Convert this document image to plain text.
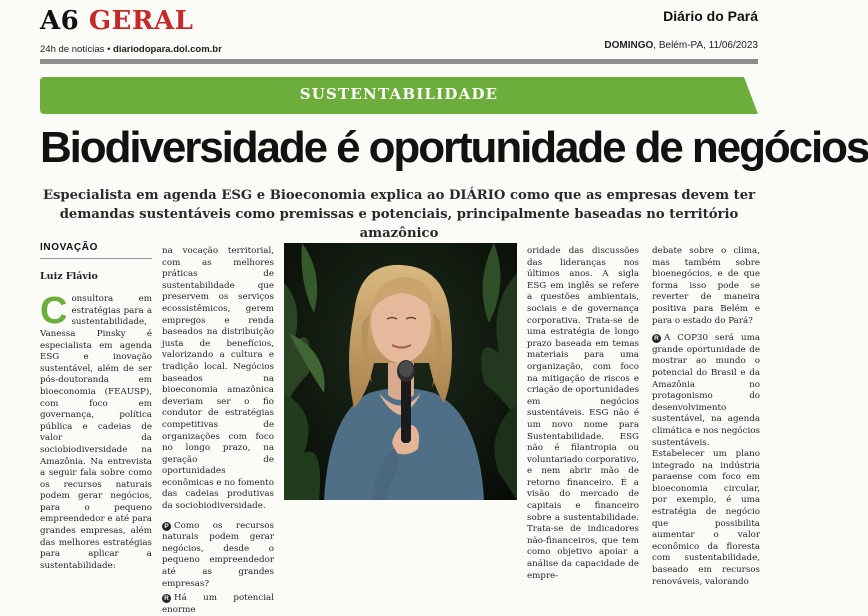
A6 GERAL
24h de notícias • diariodopara.dol.com.br
Diário do Pará
DOMINGO, Belém-PA, 11/06/2023
SUSTENTABILIDADE
Biodiversidade é oportunidade de negócios
Especialista em agenda ESG e Bioeconomia explica ao DIÁRIO como que as empresas devem ter
demandas sustentáveis como premissas e potenciais, principalmente baseadas no território amazônico
INOVAÇÃO
Luiz Flávio

Consultora em estratégias para a sustentabilidade, Vanessa Pinsky é especialista em agenda ESG e inovação sustentável, além de ser pós-doutoranda em bioeconomia (FEAUSP), com foco em governança, política pública e cadeias de valor da sociobiodiversidade na Amazônia. Na entrevista a seguir fala sobre como os recursos naturais podem gerar negócios, para o pequeno empreendedor e até para grandes empresas, além das melhores estratégias para aplicar a sustentabilidade:

na vocação territorial, com as melhores práticas de sustentabilidade que preservem os serviços ecossistêmicos, gerem empregos e renda baseados na distribuição justa de benefícios, valorizando a cultura e tradição local. Negócios baseados na bioeconomia amazônica deveriam ser o fio condutor de estratégias competitivas de organizações com foco no longo prazo, na geração de oportunidades econômicas e no fomento das cadeias produtivas da sociobiodiversidade.

P Como os recursos naturais podem gerar negócios, desde o pequeno empreendedor até as grandes empresas?

R Há um potencial enorme

oridade das discussões das lideranças nos últimos anos. A sigla ESG em inglês se refere a questões ambientais, sociais e de governança corporativa. Trata-se de uma estratégia de longo prazo baseada em temas materiais para uma organização, com foco na mitigação de riscos e criação de oportunidades em negócios sustentáveis. ESG não é um novo nome para Sustentabilidade. ESG não é filantropia ou voluntariado corporativo, e nem abrir mão de retorno financeiro. É a visão do mercado de capitais e financeiro sobre a sustentabilidade. Trata-se de indicadores não-financeiros, que tem como objetivo apoiar a análise da capacidade de empre-

debate sobre o clima, mas também sobre bioenegócios, e de que forma isso pode se reverter de maneira positiva para Belém e para o estado do Pará?

R A COP30 será uma grande oportunidade de mostrar ao mundo o potencial do Brasil e da Amazônia no protagonismo do desenvolvimento sustentável, na agenda climática e nos negócios sustentáveis. Estabelecer um plano integrado na indústria paraense com foco em bioeconomia circular, por exemplo, é uma estratégia de negócio que possibilita aumentar o valor econômico da floresta com sustentabilidade, baseado em recursos renováveis, valorando
